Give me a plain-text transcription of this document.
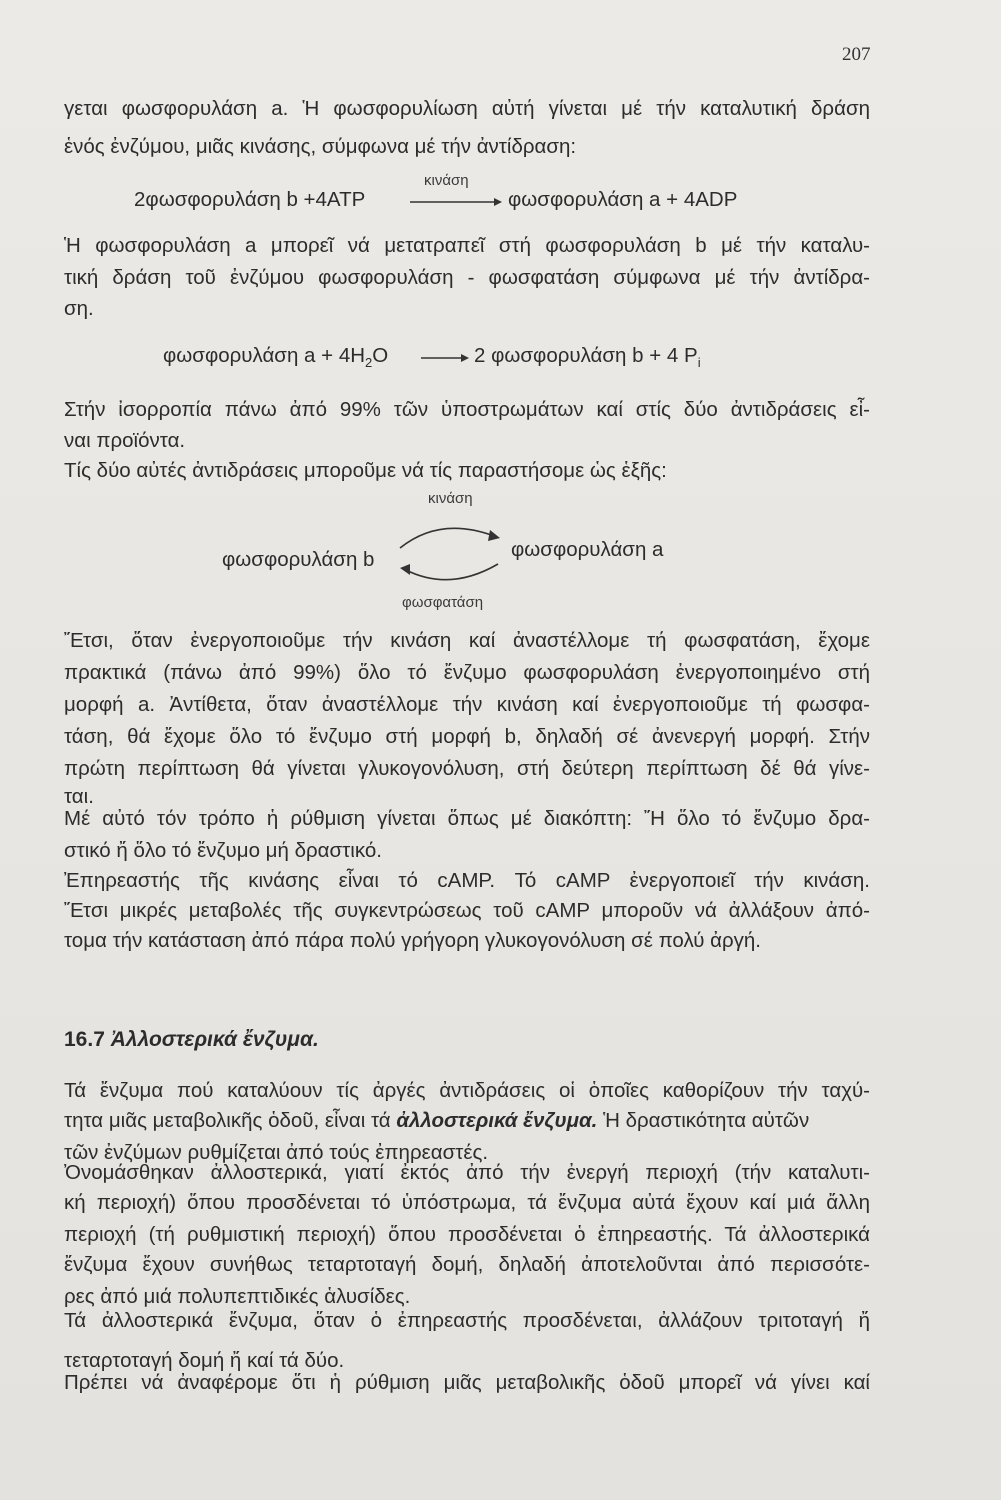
207
γεται φωσφορυλάση a. Ἡ φωσφορυλίωση αὐτή γίνεται μέ τήν καταλυτική δράση
ἑνός ἐνζύμου, μιᾶς κινάσης, σύμφωνα μέ τήν ἀντίδραση:
2φωσφορυλάση b +4ATP
κινάση
φωσφορυλάση a + 4ADP
Ἡ φωσφορυλάση a μπορεῖ νά μετατραπεῖ στή φωσφορυλάση b μέ τήν καταλυ-
τική δράση τοῦ ἐνζύμου φωσφορυλάση - φωσφατάση σύμφωνα μέ τήν ἀντίδρα-
ση.
φωσφορυλάση $a + 4H_2O \to 2$ φωσφορυλάση b + 4 $P_i$
Στήν ἰσορροπία πάνω ἀπό 99% τῶν ὑποστρωμάτων καί στίς δύο ἀντιδράσεις εἶ-
ναι προϊόντα.
Τίς δύο αὐτές ἀντιδράσεις μποροῦμε νά τίς παραστήσομε ὡς ἑξῆς:
κινάση
φωσφορυλάση b	φωσφορυλάση a
φωσφατάση
Ἔτσι, ὅταν ἐνεργοποιοῦμε τήν κινάση καί ἀναστέλλομε τή φωσφατάση, ἔχομε
πρακτικά (πάνω ἀπό 99%) ὅλο τό ἔνζυμο φωσφορυλάση ἐνεργοποιημένο στή
μορφή a. Ἀντίθετα, ὅταν ἀναστέλλομε τήν κινάση καί ἐνεργοποιοῦμε τή φωσφα-
τάση, θά ἔχομε ὅλο τό ἔνζυμο στή μορφή b, δηλαδή σέ ἀνενεργή μορφή. Στήν
πρώτη περίπτωση θά γίνεται γλυκογονόλυση, στή δεύτερη περίπτωση δέ θά γίνε-
ται.
Μέ αὐτό τόν τρόπο ἡ ρύθμιση γίνεται ὅπως μέ διακόπτη: Ἤ ὅλο τό ἔνζυμο δρα-
στικό ἤ ὅλο τό ἔνζυμο μή δραστικό.
Ἐπηρεαστής τῆς κινάσης εἶναι τό cAMP. Τό cAMP ἐνεργοποιεῖ τήν κινάση.
Ἔτσι μικρές μεταβολές τῆς συγκεντρώσεως τοῦ cAMP μποροῦν νά ἀλλάξουν ἀπό-
τομα τήν κατάσταση ἀπό πάρα πολύ γρήγορη γλυκογονόλυση σέ πολύ ἀργή.
16.7 Ἀλλοστερικά ἔνζυμα.
Τά ἔνζυμα πού καταλύουν τίς ἀργές ἀντιδράσεις οἱ ὁποῖες καθορίζουν τήν ταχύ-
τητα μιᾶς μεταβολικῆς ὁδοῦ, εἶναι τά ἀλλοστερικά ἔνζυμα. Ἡ δραστικότητα αὐτῶν
τῶν ἐνζύμων ρυθμίζεται ἀπό τούς ἐπηρεαστές.
Ὀνομάσθηκαν ἀλλοστερικά, γιατί ἐκτός ἀπό τήν ἐνεργή περιοχή (τήν καταλυτι-
κή περιοχή) ὅπου προσδένεται τό ὑπόστρωμα, τά ἔνζυμα αὐτά ἔχουν καί μιά ἄλλη
περιοχή (τή ρυθμιστική περιοχή) ὅπου προσδένεται ὁ ἐπηρεαστής. Τά ἀλλοστερικά
ἔνζυμα ἔχουν συνήθως τεταρτοταγή δομή, δηλαδή ἀποτελοῦνται ἀπό περισσότε-
ρες ἀπό μιά πολυπεπτιδικές ἁλυσίδες.
Τά ἀλλοστερικά ἔνζυμα, ὅταν ὁ ἐπηρεαστής προσδένεται, ἀλλάζουν τριτοταγή ἤ
τεταρτοταγή δομή ἤ καί τά δύο.
Πρέπει νά ἀναφέρομε ὅτι ἡ ρύθμιση μιᾶς μεταβολικῆς ὁδοῦ μπορεῖ νά γίνει καί
